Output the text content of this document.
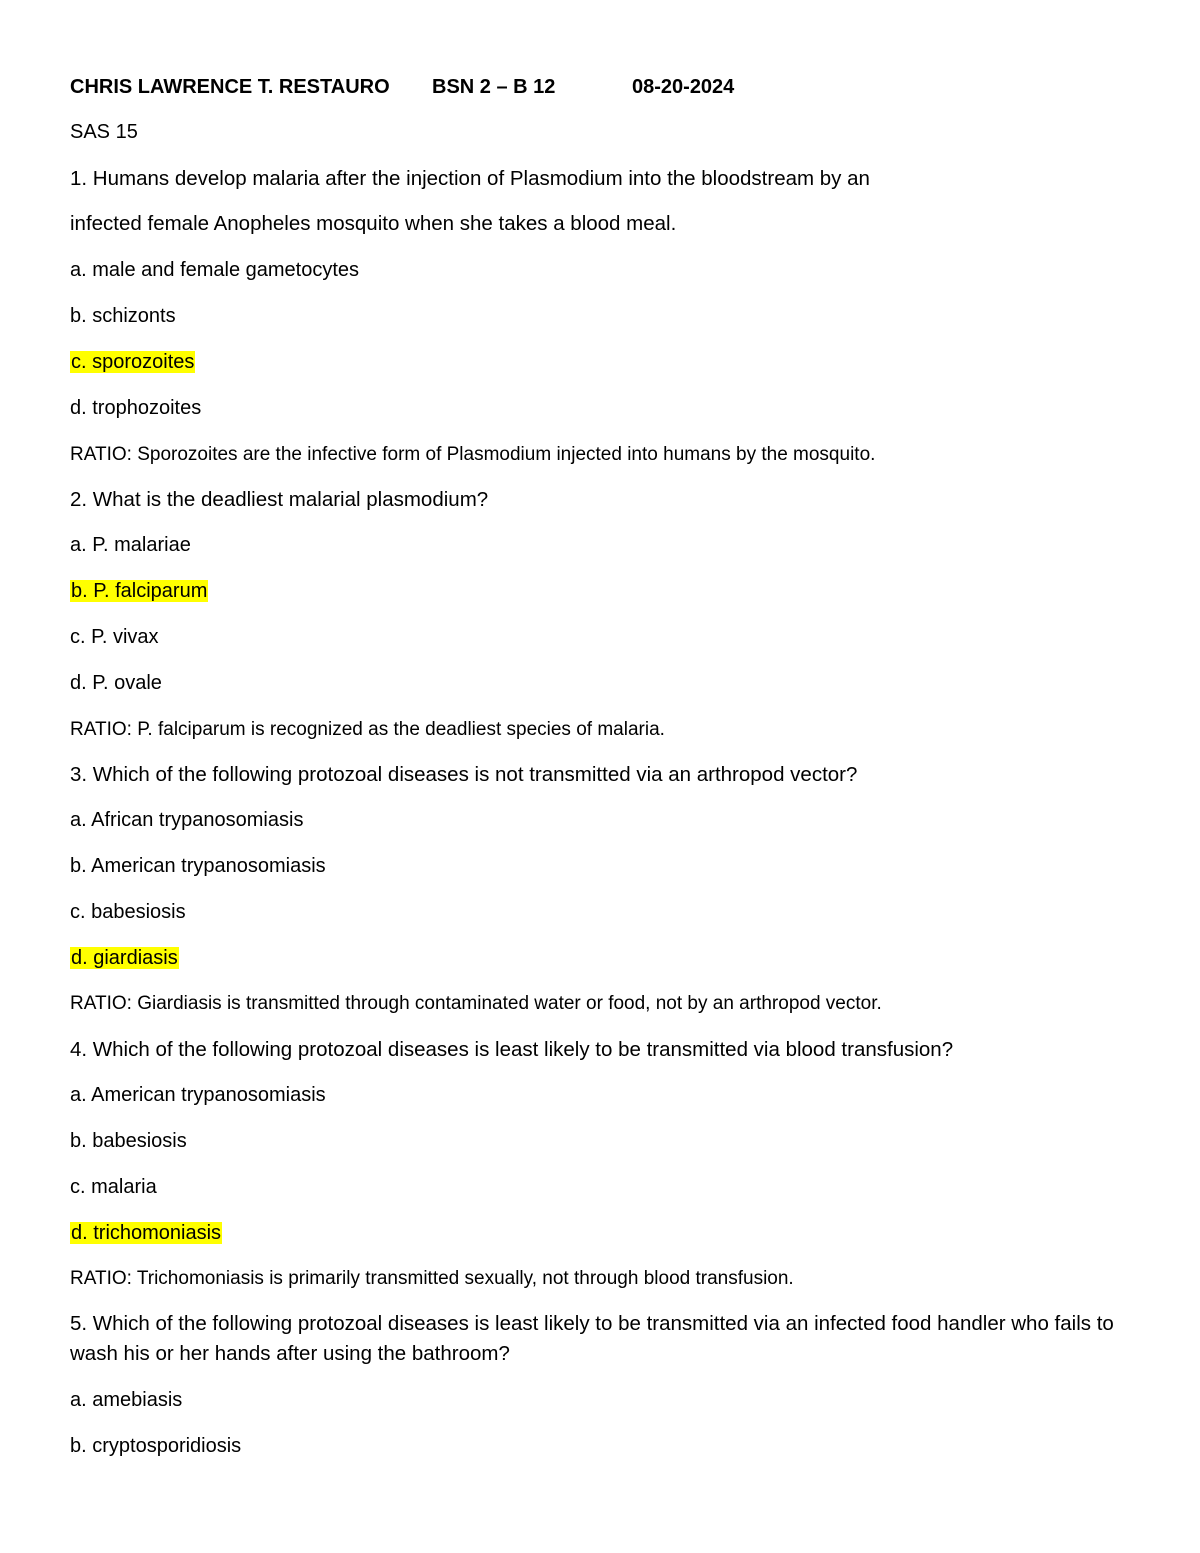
CHRIS LAWRENCE T. RESTAURO BSN 2 – B 12	08-20-2024

SAS 15

1. Humans develop malaria after the injection of Plasmodium into the bloodstream by an

infected female Anopheles mosquito when she takes a blood meal.

a. male and female gametocytes

b. schizonts

c. sporozoites

d. trophozoites

RATIO: Sporozoites are the infective form of Plasmodium injected into humans by the mosquito.

2. What is the deadliest malarial plasmodium?

a. P. malariae

b. P. falciparum

c. P. vivax

d. P. ovale

RATIO: P. falciparum is recognized as the deadliest species of malaria.

3. Which of the following protozoal diseases is not transmitted via an arthropod vector?

a. African trypanosomiasis

b. American trypanosomiasis

c. babesiosis

d. giardiasis

RATIO: Giardiasis is transmitted through contaminated water or food, not by an arthropod vector.

4. Which of the following protozoal diseases is least likely to be transmitted via blood transfusion?

a. American trypanosomiasis

b. babesiosis

c. malaria

d. trichomoniasis

RATIO: Trichomoniasis is primarily transmitted sexually, not through blood transfusion.

5. Which of the following protozoal diseases is least likely to be transmitted via an infected food handler who fails to wash his or her hands after using the bathroom?

a. amebiasis

b. cryptosporidiosis
